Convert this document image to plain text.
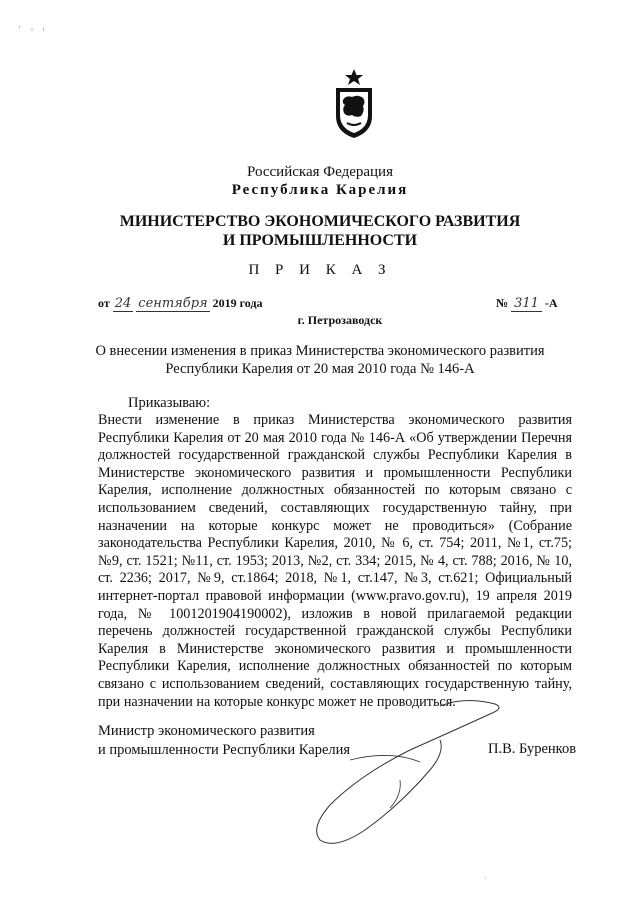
· ᵢ ᵢ
Российская Федерация
Республика Карелия
МИНИСТЕРСТВО ЭКОНОМИЧЕСКОГО РАЗВИТИЯ
И ПРОМЫШЛЕННОСТИ
П Р И К А З
от 24 сентября 2019 года	№ 311 -А
г. Петрозаводск
О внесении изменения в приказ Министерства экономического развития
Республики Карелия от 20 мая 2010 года № 146-А
Приказываю:

Внести изменение в приказ Министерства экономического развития Республики Карелия от 20 мая 2010 года № 146-А «Об утверждении Перечня должностей государственной гражданской службы Республики Карелия в Министерстве экономического развития и промышленности Республики Карелия, исполнение должностных обязанностей по которым связано с использованием сведений, составляющих государственную тайну, при назначении на которые конкурс может не проводиться» (Собрание законодательства Республики Карелия, 2010, № 6, ст. 754; 2011, №1, ст.75; №9, ст. 1521; №11, ст. 1953; 2013, №2, ст. 334; 2015, № 4, ст. 788; 2016, № 10, ст. 2236; 2017, №9, ст.1864; 2018, №1, ст.147, №3, ст.621; Официальный интернет-портал правовой информации (www.pravo.gov.ru), 19 апреля 2019 года, № 1001201904190002), изложив в новой прилагаемой редакции перечень должностей государственной гражданской службы Республики Карелия в Министерстве экономического развития и промышленности Республики Карелия, исполнение должностных обязанностей по которым связано с использованием сведений, составляющих государственную тайну, при назначении на которые конкурс может не проводиться.

Министр экономического развития
и промышленности Республики Карелия	П.В. Буренков
·
